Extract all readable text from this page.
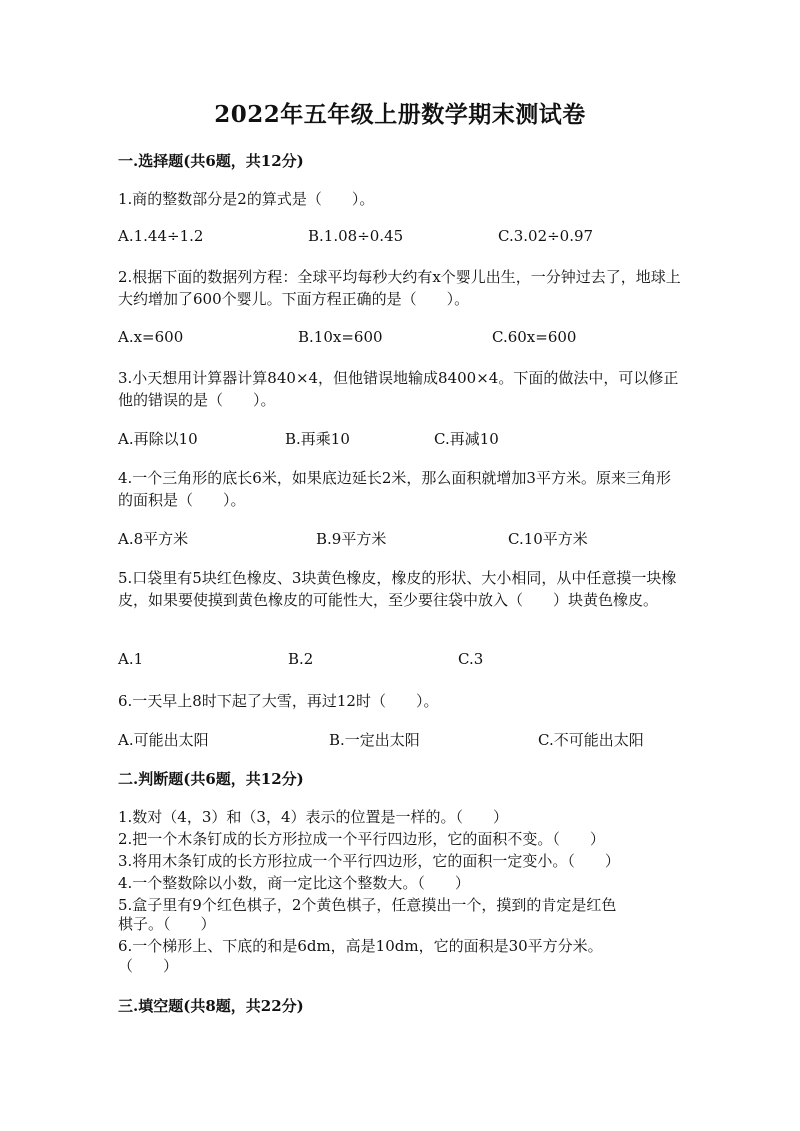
2022年五年级上册数学期末测试卷
一.选择题(共6题，共12分)
1.商的整数部分是2的算式是（　　）。
A.1.44÷1.2	B.1.08÷0.45	C.3.02÷0.97
2.根据下面的数据列方程：全球平均每秒大约有x个婴儿出生，一分钟过去了，地球上大约增加了600个婴儿。下面方程正确的是（　　）。
A.x=600	B.10x=600	C.60x=600
3.小天想用计算器计算840×4，但他错误地输成8400×4。下面的做法中，可以修正他的错误的是（　　）。
A.再除以10	B.再乘10	C.再减10
4.一个三角形的底长6米，如果底边延长2米，那么面积就增加3平方米。原来三角形的面积是（　　）。
A.8平方米	B.9平方米	C.10平方米
5.口袋里有5块红色橡皮、3块黄色橡皮，橡皮的形状、大小相同，从中任意摸一块橡皮，如果要使摸到黄色橡皮的可能性大，至少要往袋中放入（　　）块黄色橡皮。
A.1	B.2	C.3
6.一天早上8时下起了大雪，再过12时（　　）。
A.可能出太阳	B.一定出太阳	C.不可能出太阳
二.判断题(共6题，共12分)
1.数对（4，3）和（3，4）表示的位置是一样的。（　　）
2.把一个木条钉成的长方形拉成一个平行四边形，它的面积不变。（　　）
3.将用木条钉成的长方形拉成一个平行四边形，它的面积一定变小。（　　）
4.一个整数除以小数，商一定比这个整数大。（　　）
5.盒子里有9个红色棋子，2个黄色棋子，任意摸出一个，摸到的肯定是红色
棋子。（　　）
6.一个梯形上、下底的和是6dm，高是10dm，它的面积是30平方分米。
（　　）
三.填空题(共8题，共22分)
